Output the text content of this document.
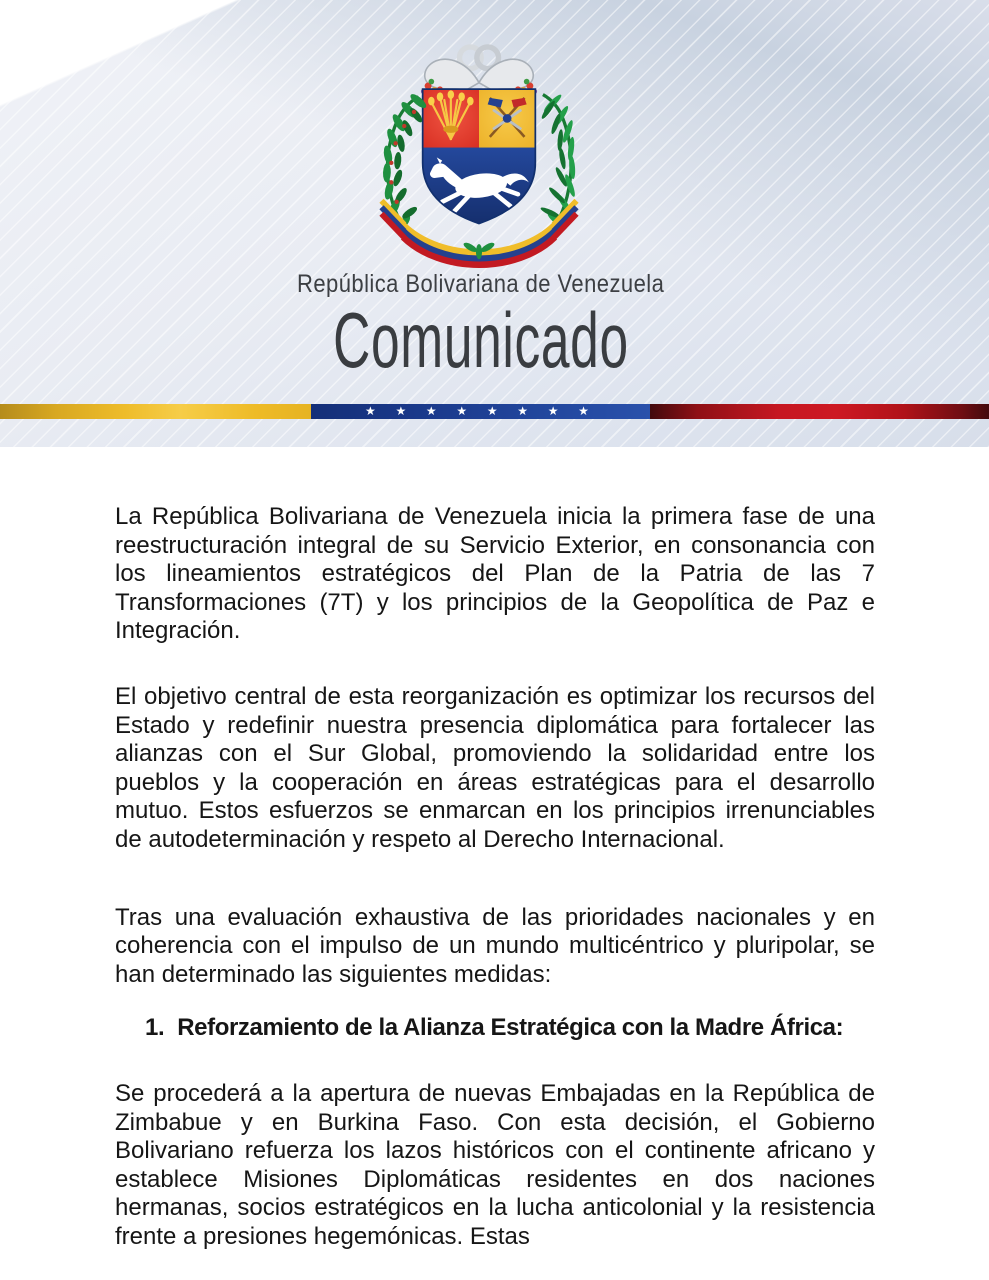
República Bolivariana de Venezuela
Comunicado
★ ★ ★ ★ ★ ★ ★ ★

La República Bolivariana de Venezuela inicia la primera fase de una reestructuración integral de su Servicio Exterior, en consonancia con los lineamientos estratégicos del Plan de la Patria de las 7 Transformaciones (7T) y los principios de la Geopolítica de Paz e Integración.

El objetivo central de esta reorganización es optimizar los recursos del Estado y redefinir nuestra presencia diplomática para fortalecer las alianzas con el Sur Global, promoviendo la solidaridad entre los pueblos y la cooperación en áreas estratégicas para el desarrollo mutuo. Estos esfuerzos se enmarcan en los principios irrenunciables de autodeterminación y respeto al Derecho Internacional.

Tras una evaluación exhaustiva de las prioridades nacionales y en coherencia con el impulso de un mundo multicéntrico y pluripolar, se han determinado las siguientes medidas:

1. Reforzamiento de la Alianza Estratégica con la Madre África:

Se procederá a la apertura de nuevas Embajadas en la República de Zimbabue y en Burkina Faso. Con esta decisión, el Gobierno Bolivariano refuerza los lazos históricos con el continente africano y establece Misiones Diplomáticas residentes en dos naciones hermanas, socios estratégicos en la lucha anticolonial y la resistencia frente a presiones hegemónicas. Estas
